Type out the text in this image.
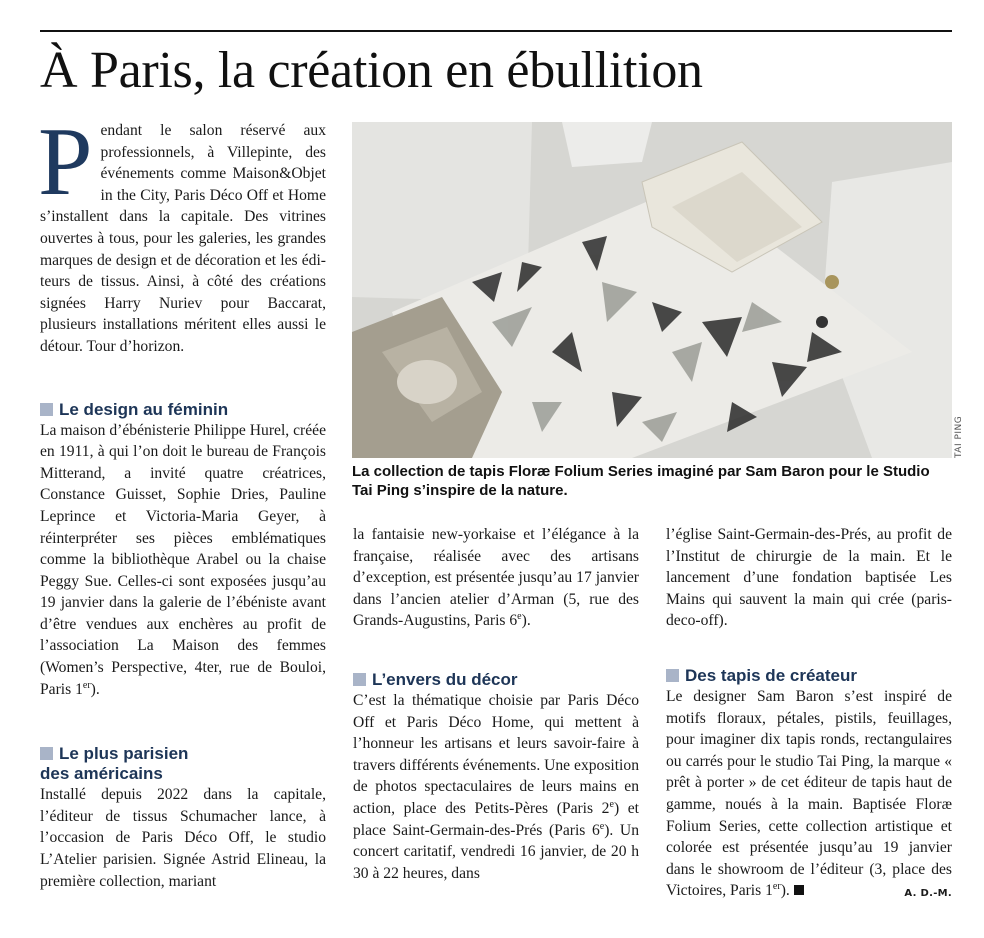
À Paris, la création en ébullition

Pendant le salon réservé aux professionnels, à Villepinte, des événements comme Maison&Objet in the City, Paris Déco Off et Home s’installent dans la capitale. Des vitrines ouvertes à tous, pour les galeries, les grandes marques de design et de décoration et les éditeurs de tissus. Ainsi, à côté des créations signées Harry Nuriev pour Baccarat, plusieurs installations méritent elles aussi le détour. Tour d’horizon.

Le design au féminin

La maison d’ébénisterie Philippe Hurel, créée en 1911, à qui l’on doit le bureau de François Mitterand, a invité quatre créatrices, Constance Guisset, Sophie Dries, Pauline Leprince et Victoria-Maria Geyer, à réinterpréter ses pièces emblématiques comme la bibliothèque Arabel ou la chaise Peggy Sue. Celles-ci sont exposées jusqu’au 19 janvier dans la galerie de l’ébéniste avant d’être vendues aux enchères au profit de l’association La Maison des femmes (Women’s Perspective, 4ter, rue de Bouloi, Paris 1er).

Le plus parisien
des américains

Installé depuis 2022 dans la capitale, l’éditeur de tissus Schumacher lance, à l’occasion de Paris Déco Off, le studio L’Atelier parisien. Signée Astrid Elineau, la première collection, mariant

TAI PING

La collection de tapis Floræ Folium Series imaginé par Sam Baron pour le Studio Tai Ping s’inspire de la nature.

la fantaisie new-yorkaise et l’élégance à la française, réalisée avec des artisans d’exception, est présentée jusqu’au 17 janvier dans l’ancien atelier d’Arman (5, rue des Grands-Augustins, Paris 6e).

L’envers du décor

C’est la thématique choisie par Paris Déco Off et Paris Déco Home, qui mettent à l’honneur les artisans et leurs savoir-faire à travers différents événements. Une exposition de photos spectaculaires de leurs mains en action, place des Petits-Pères (Paris 2e) et place Saint-Germain-des-Prés (Paris 6e). Un concert caritatif, vendredi 16 janvier, de 20 h 30 à 22 heures, dans

l’église Saint-Germain-des-Prés, au profit de l’Institut de chirurgie de la main. Et le lancement d’une fondation baptisée Les Mains qui sauvent la main qui crée (paris-deco-off).

Des tapis de créateur

Le designer Sam Baron s’est inspiré de motifs floraux, pétales, pistils, feuillages, pour imaginer dix tapis ronds, rectangulaires ou carrés pour le studio Tai Ping, la marque « prêt à porter » de cet éditeur de tapis haut de gamme, noués à la main. Baptisée Floræ Folium Series, cette collection artistique et colorée est présentée jusqu’au 19 janvier dans le showroom de l’éditeur (3, place des Victoires, Paris 1er).	A. D.-M.
